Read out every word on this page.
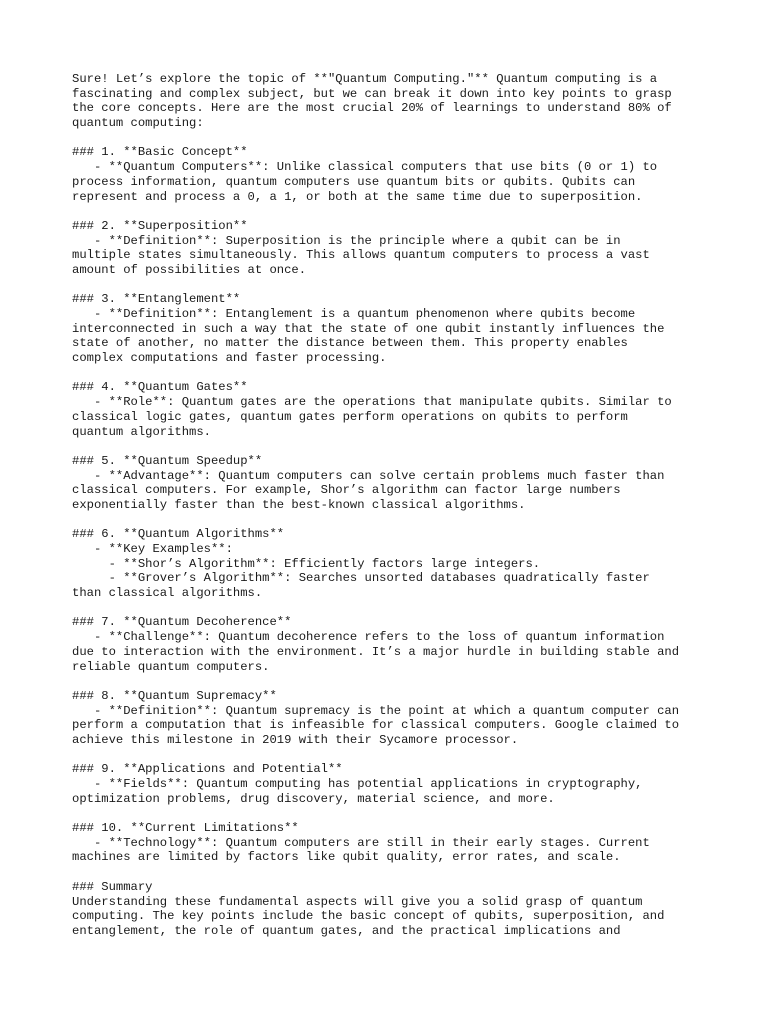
Sure! Let’s explore the topic of **"Quantum Computing."** Quantum computing is a
fascinating and complex subject, but we can break it down into key points to grasp
the core concepts. Here are the most crucial 20% of learnings to understand 80% of
quantum computing:
### 1. **Basic Concept**
- **Quantum Computers**: Unlike classical computers that use bits (0 or 1) to
process information, quantum computers use quantum bits or qubits. Qubits can
represent and process a 0, a 1, or both at the same time due to superposition.
### 2. **Superposition**
- **Definition**: Superposition is the principle where a qubit can be in
multiple states simultaneously. This allows quantum computers to process a vast
amount of possibilities at once.
### 3. **Entanglement**
- **Definition**: Entanglement is a quantum phenomenon where qubits become
interconnected in such a way that the state of one qubit instantly influences the
state of another, no matter the distance between them. This property enables
complex computations and faster processing.
### 4. **Quantum Gates**
- **Role**: Quantum gates are the operations that manipulate qubits. Similar to
classical logic gates, quantum gates perform operations on qubits to perform
quantum algorithms.
### 5. **Quantum Speedup**
- **Advantage**: Quantum computers can solve certain problems much faster than
classical computers. For example, Shor’s algorithm can factor large numbers
exponentially faster than the best-known classical algorithms.
### 6. **Quantum Algorithms**
- **Key Examples**:
- **Shor’s Algorithm**: Efficiently factors large integers.
- **Grover’s Algorithm**: Searches unsorted databases quadratically faster
than classical algorithms.
### 7. **Quantum Decoherence**
- **Challenge**: Quantum decoherence refers to the loss of quantum information
due to interaction with the environment. It’s a major hurdle in building stable and
reliable quantum computers.
### 8. **Quantum Supremacy**
- **Definition**: Quantum supremacy is the point at which a quantum computer can
perform a computation that is infeasible for classical computers. Google claimed to
achieve this milestone in 2019 with their Sycamore processor.
### 9. **Applications and Potential**
- **Fields**: Quantum computing has potential applications in cryptography,
optimization problems, drug discovery, material science, and more.
### 10. **Current Limitations**
- **Technology**: Quantum computers are still in their early stages. Current
machines are limited by factors like qubit quality, error rates, and scale.
### Summary
Understanding these fundamental aspects will give you a solid grasp of quantum
computing. The key points include the basic concept of qubits, superposition, and
entanglement, the role of quantum gates, and the practical implications and
